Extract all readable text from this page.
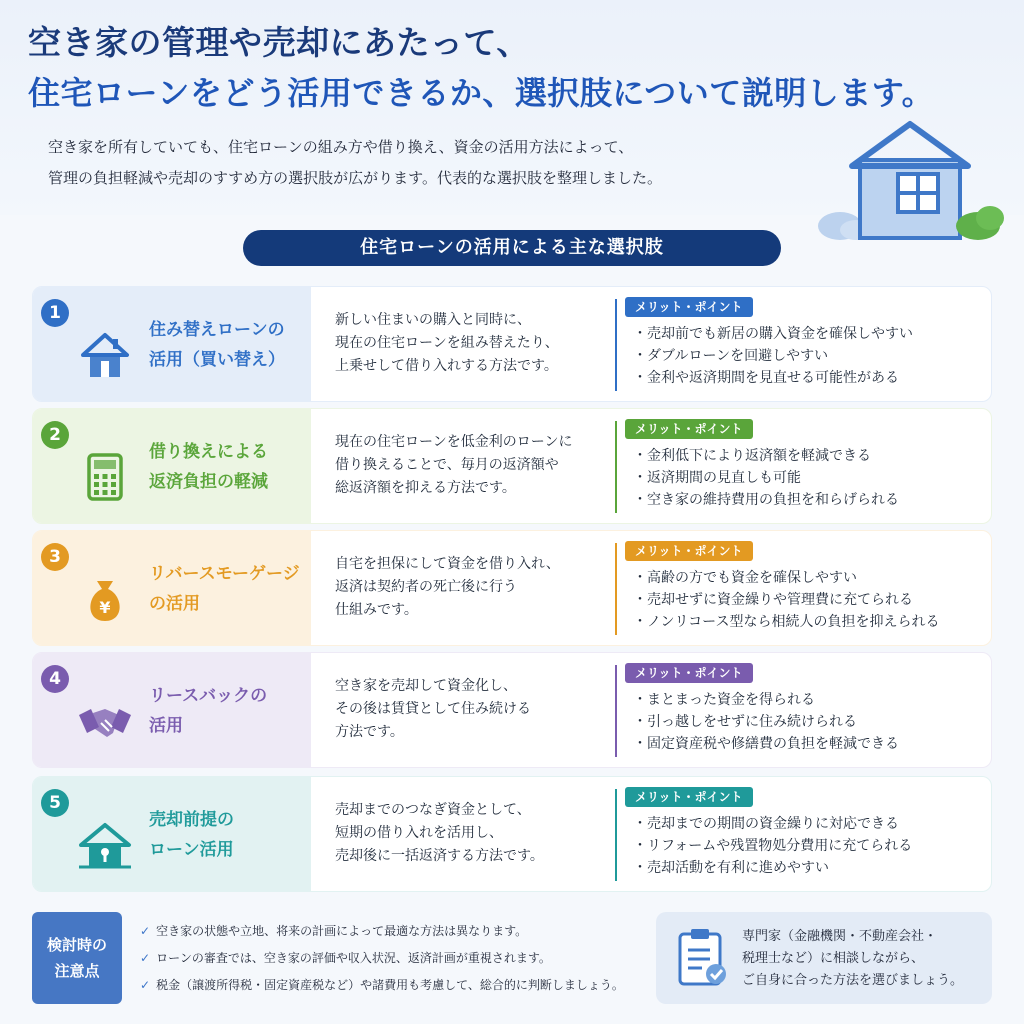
空き家の管理や売却にあたって、
住宅ローンをどう活用できるか、選択肢について説明します。
空き家を所有していても、住宅ローンの組み方や借り換え、資金の活用方法によって、
管理の負担軽減や売却のすすめ方の選択肢が広がります。代表的な選択肢を整理しました。
住宅ローンの活用による主な選択肢
1
住み替えローンの
活用（買い替え）
新しい住まいの購入と同時に、
現在の住宅ローンを組み替えたり、
上乗せして借り入れする方法です。
メリット・ポイント
・ 売却前でも新居の購入資金を確保しやすい
・ ダブルローンを回避しやすい
・ 金利や返済期間を見直せる可能性がある
2
借り換えによる
返済負担の軽減
現在の住宅ローンを低金利のローンに
借り換えることで、毎月の返済額や
総返済額を抑える方法です。
メリット・ポイント
・ 金利低下により返済額を軽減できる
・ 返済期間の見直しも可能
・ 空き家の維持費用の負担を和らげられる
3
¥
リバースモーゲージ
の活用
自宅を担保にして資金を借り入れ、
返済は契約者の死亡後に行う
仕組みです。
メリット・ポイント
・ 高齢の方でも資金を確保しやすい
・ 売却せずに資金繰りや管理費に充てられる
・ ノンリコース型なら相続人の負担を抑えられる
4
リースバックの
活用
空き家を売却して資金化し、
その後は賃貸として住み続ける
方法です。
メリット・ポイント
・ まとまった資金を得られる
・ 引っ越しをせずに住み続けられる
・ 固定資産税や修繕費の負担を軽減できる
5
売却前提の
ローン活用
売却までのつなぎ資金として、
短期の借り入れを活用し、
売却後に一括返済する方法です。
メリット・ポイント
・ 売却までの期間の資金繰りに対応できる
・ リフォームや残置物処分費用に充てられる
・ 売却活動を有利に進めやすい
検討時の
注意点
✓ 空き家の状態や立地、将来の計画によって最適な方法は異なります。
✓ ローンの審査では、空き家の評価や収入状況、返済計画が重視されます。
✓ 税金（譲渡所得税・固定資産税など）や諸費用も考慮して、総合的に判断しましょう。
専門家（金融機関・不動産会社・
税理士など）に相談しながら、
ご自身に合った方法を選びましょう。
